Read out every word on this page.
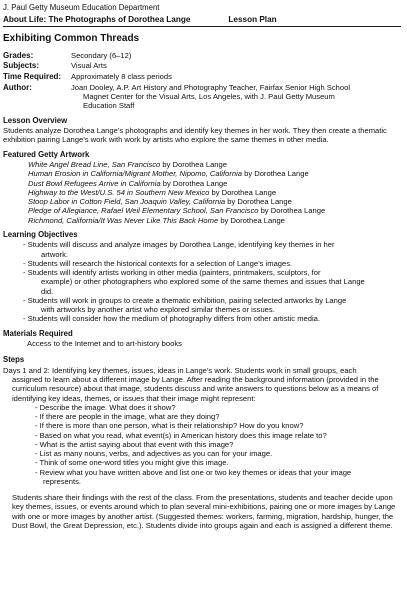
J. Paul Getty Museum Education Department
About Life: The Photographs of Dorothea Lange	Lesson Plan
Exhibiting Common Threads
Grades:	Secondary (6–12)
Subjects:	Visual Arts
Time Required:	Approximately 8 class periods
Author:	Joan Dooley, A.P. Art History and Photography Teacher, Fairfax Senior High School
Magnet Center for the Visual Arts, Los Angeles, with J. Paul Getty Museum
Education Staff
Lesson Overview

Students analyze Dorothea Lange’s photographs and identify key themes in her work. They then create a thematic exhibition pairing Lange’s work with work by artists who explore the same themes in other media.

Featured Getty Artwork
White Angel Bread Line, San Francisco by Dorothea Lange
Human Erosion in California/Migrant Mother, Nipomo, California by Dorothea Lange
Dust Bowl Refugees Arrive in California by Dorothea Lange
Highway to the West/U.S. 54 in Southern New Mexico by Dorothea Lange
Stoop Labor in Cotton Field, San Joaquin Valley, California by Dorothea Lange
Pledge of Allegiance, Rafael Weil Elementary School, San Francisco by Dorothea Lange
Richmond, California/It Was Never Like This Back Home by Dorothea Lange
Learning Objectives
- Students will discuss and analyze images by Dorothea Lange, identifying key themes in her
artwork.
- Students will research the historical contexts for a selection of Lange’s images.
- Students will identify artists working in other media (painters, printmakers, sculptors, for
example) or other photographers who explored some of the same themes and issues that Lange
did.
- Students will work in groups to create a thematic exhibition, pairing selected artworks by Lange
with artworks by another artist who explored similar themes or issues.
- Students will consider how the medium of photography differs from other artistic media.
Materials Required
Access to the Internet and to art-history books
Steps

Days 1 and 2: Identifying key themes, issues, ideas in Lange’s work. Students work in small groups, each
assigned to learn about a different image by Lange. After reading the background information (provided in the curriculum resource) about that image, students discuss and write answers to questions below as a means of identifying key ideas, themes, or issues that their image might represent:

- Describe the image. What does it show?
- If there are people in the image, what are they doing?
- If there is more than one person, what is their relationship? How do you know?
- Based on what you read, what event(s) in American history does this image relate to?
- What is the artist saying about that event with this image?
- List as many nouns, verbs, and adjectives as you can for your image.
- Think of some one-word titles you might give this image.
- Review what you have written above and list one or two key themes or ideas that your image
represents.

Students share their findings with the rest of the class. From the presentations, students and teacher decide upon key themes, issues, or events around which to plan several mini-exhibitions, pairing one or more images by Lange with one or more images by another artist. (Suggested themes: workers, farming, migration, hardship, hunger, the Dust Bowl, the Great Depression, etc.). Students divide into groups again and each is assigned a different theme.
